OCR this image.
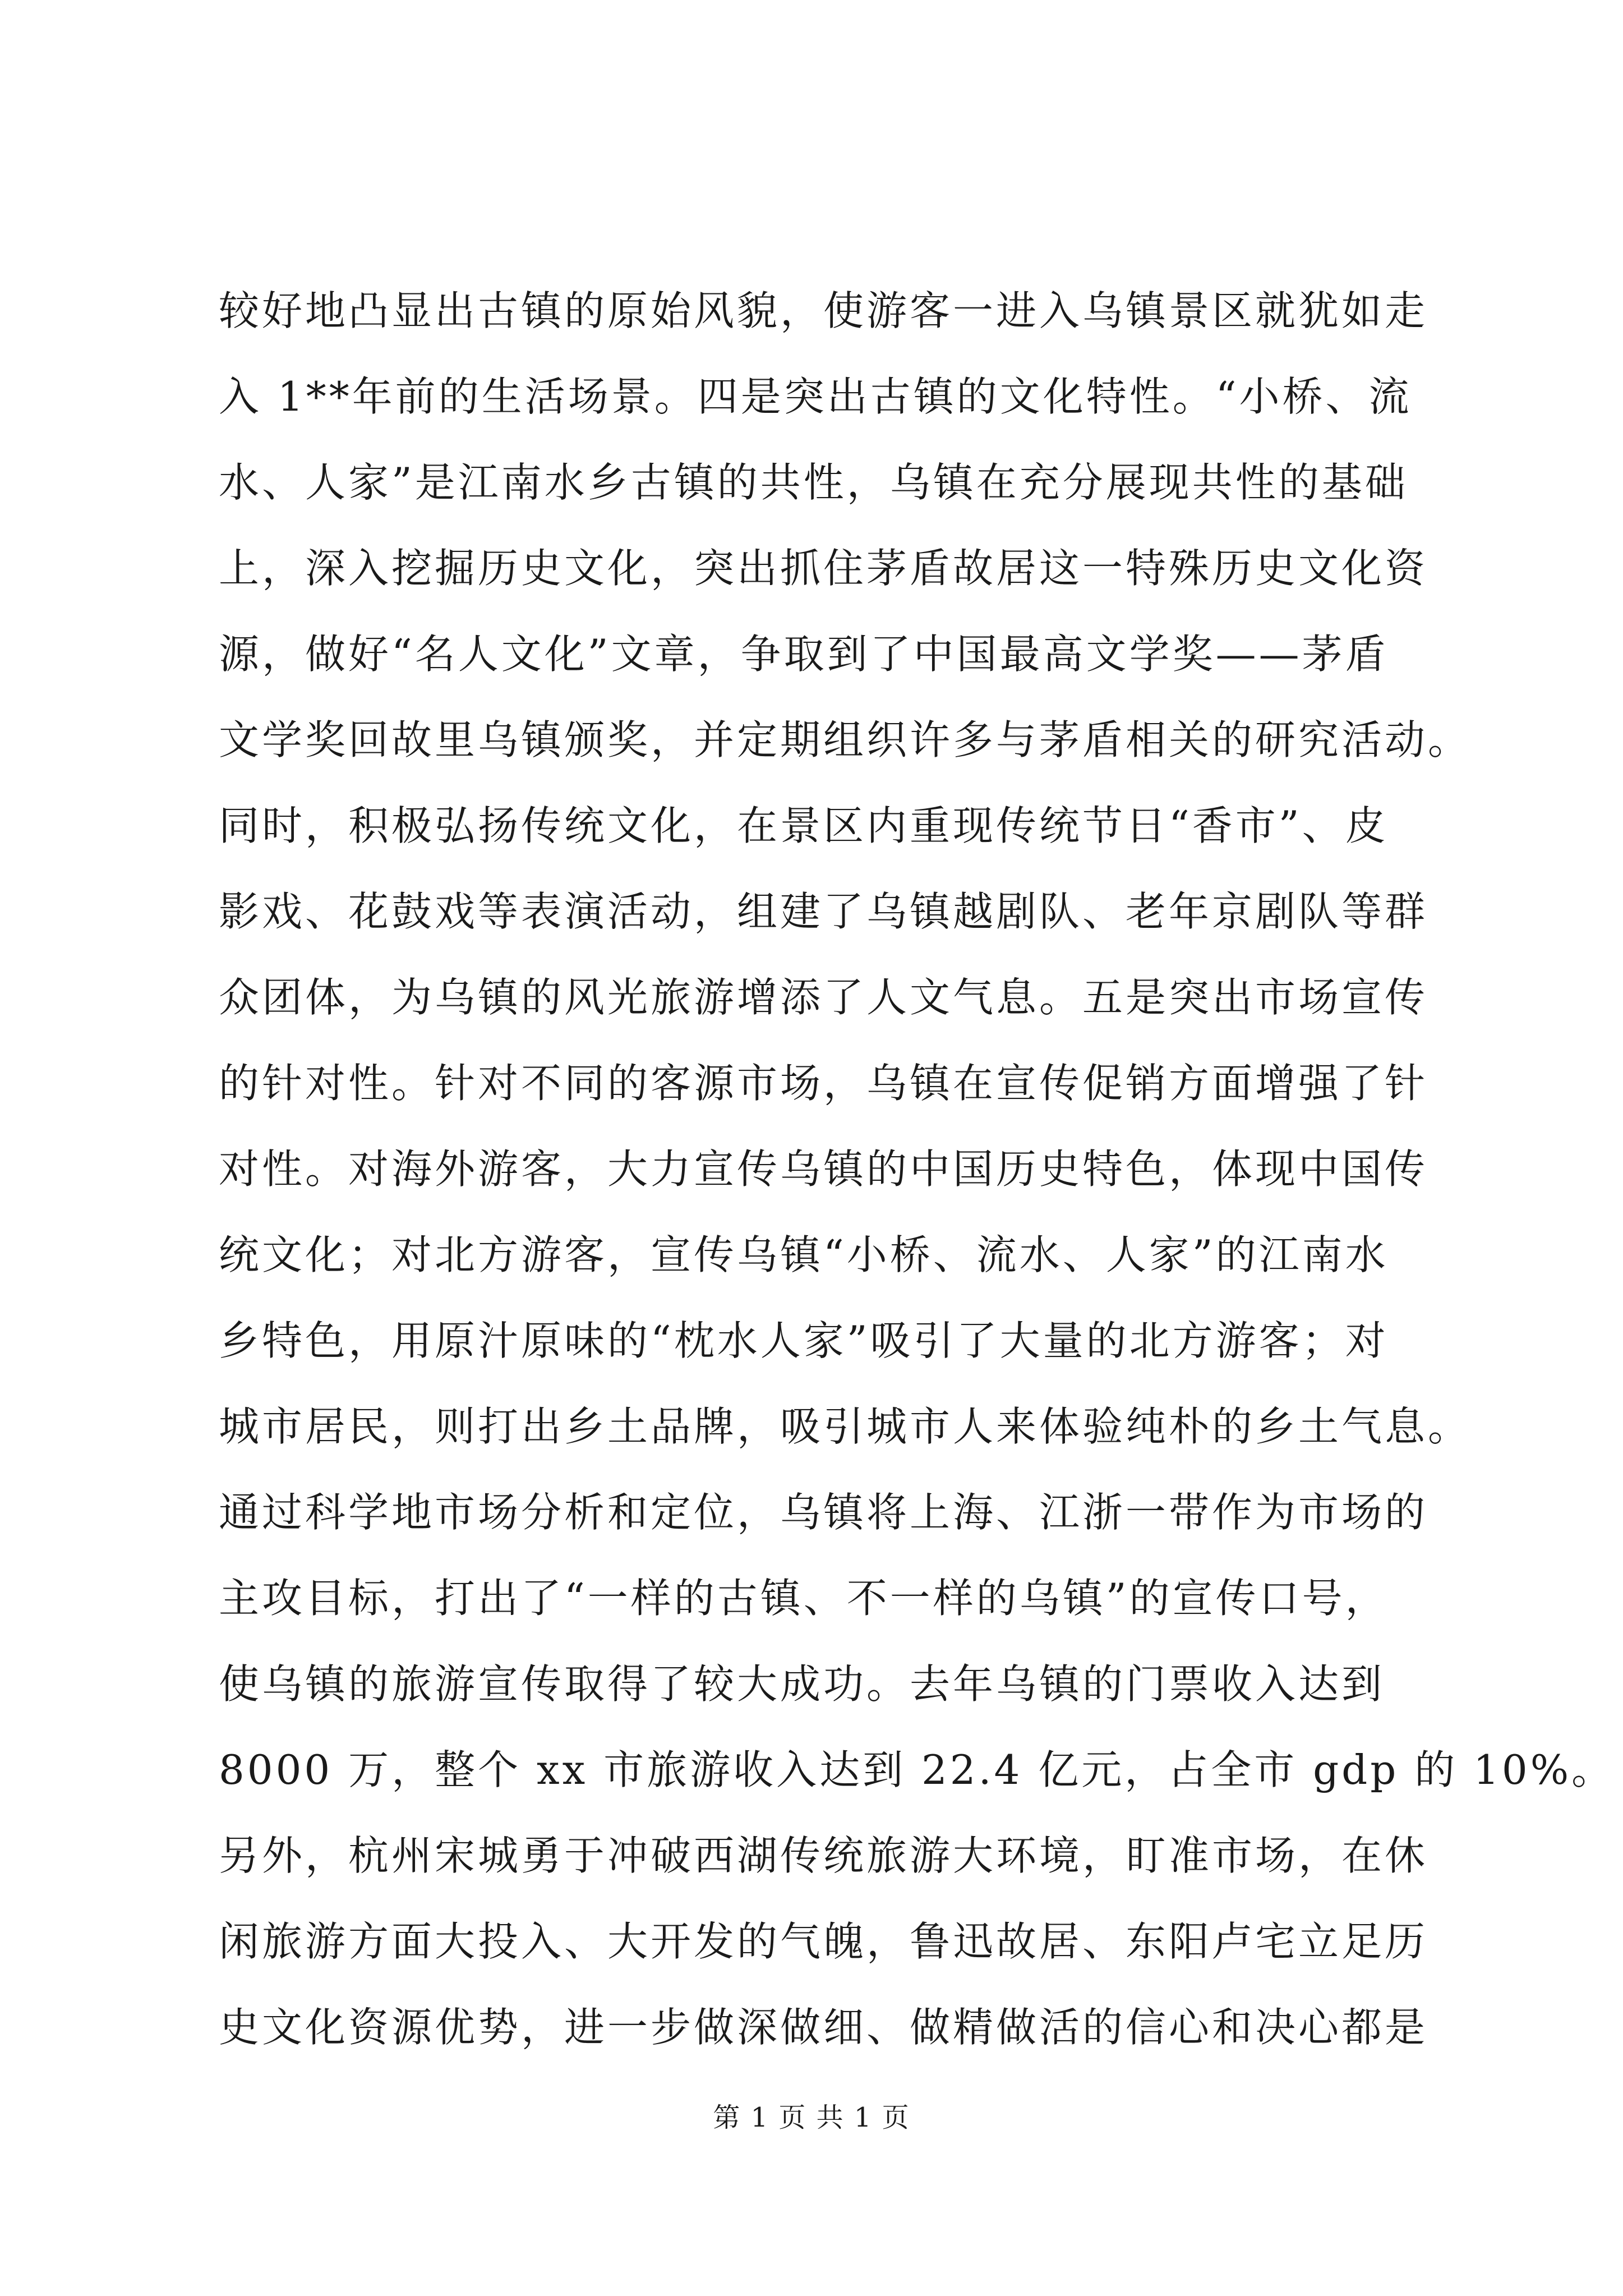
较好地凸显出古镇的原始风貌，使游客一进入乌镇景区就犹如走
入 1**年前的生活场景。四是突出古镇的文化特性。“小桥、流
水、人家”是江南水乡古镇的共性，乌镇在充分展现共性的基础
上，深入挖掘历史文化，突出抓住茅盾故居这一特殊历史文化资
源，做好“名人文化”文章，争取到了中国最高文学奖——茅盾
文学奖回故里乌镇颁奖，并定期组织许多与茅盾相关的研究活动。
同时，积极弘扬传统文化，在景区内重现传统节日“香市”、皮
影戏、花鼓戏等表演活动，组建了乌镇越剧队、老年京剧队等群
众团体，为乌镇的风光旅游增添了人文气息。五是突出市场宣传
的针对性。针对不同的客源市场，乌镇在宣传促销方面增强了针
对性。对海外游客，大力宣传乌镇的中国历史特色，体现中国传
统文化；对北方游客，宣传乌镇“小桥、流水、人家”的江南水
乡特色，用原汁原味的“枕水人家”吸引了大量的北方游客；对
城市居民，则打出乡土品牌，吸引城市人来体验纯朴的乡土气息。
通过科学地市场分析和定位，乌镇将上海、江浙一带作为市场的
主攻目标，打出了“一样的古镇、不一样的乌镇”的宣传口号，
使乌镇的旅游宣传取得了较大成功。去年乌镇的门票收入达到
8000 万，整个 xx 市旅游收入达到 22.4 亿元，占全市 gdp 的 10%。
另外，杭州宋城勇于冲破西湖传统旅游大环境，盯准市场，在休
闲旅游方面大投入、大开发的气魄，鲁迅故居、东阳卢宅立足历
史文化资源优势，进一步做深做细、做精做活的信心和决心都是
第 1 页 共 1 页
